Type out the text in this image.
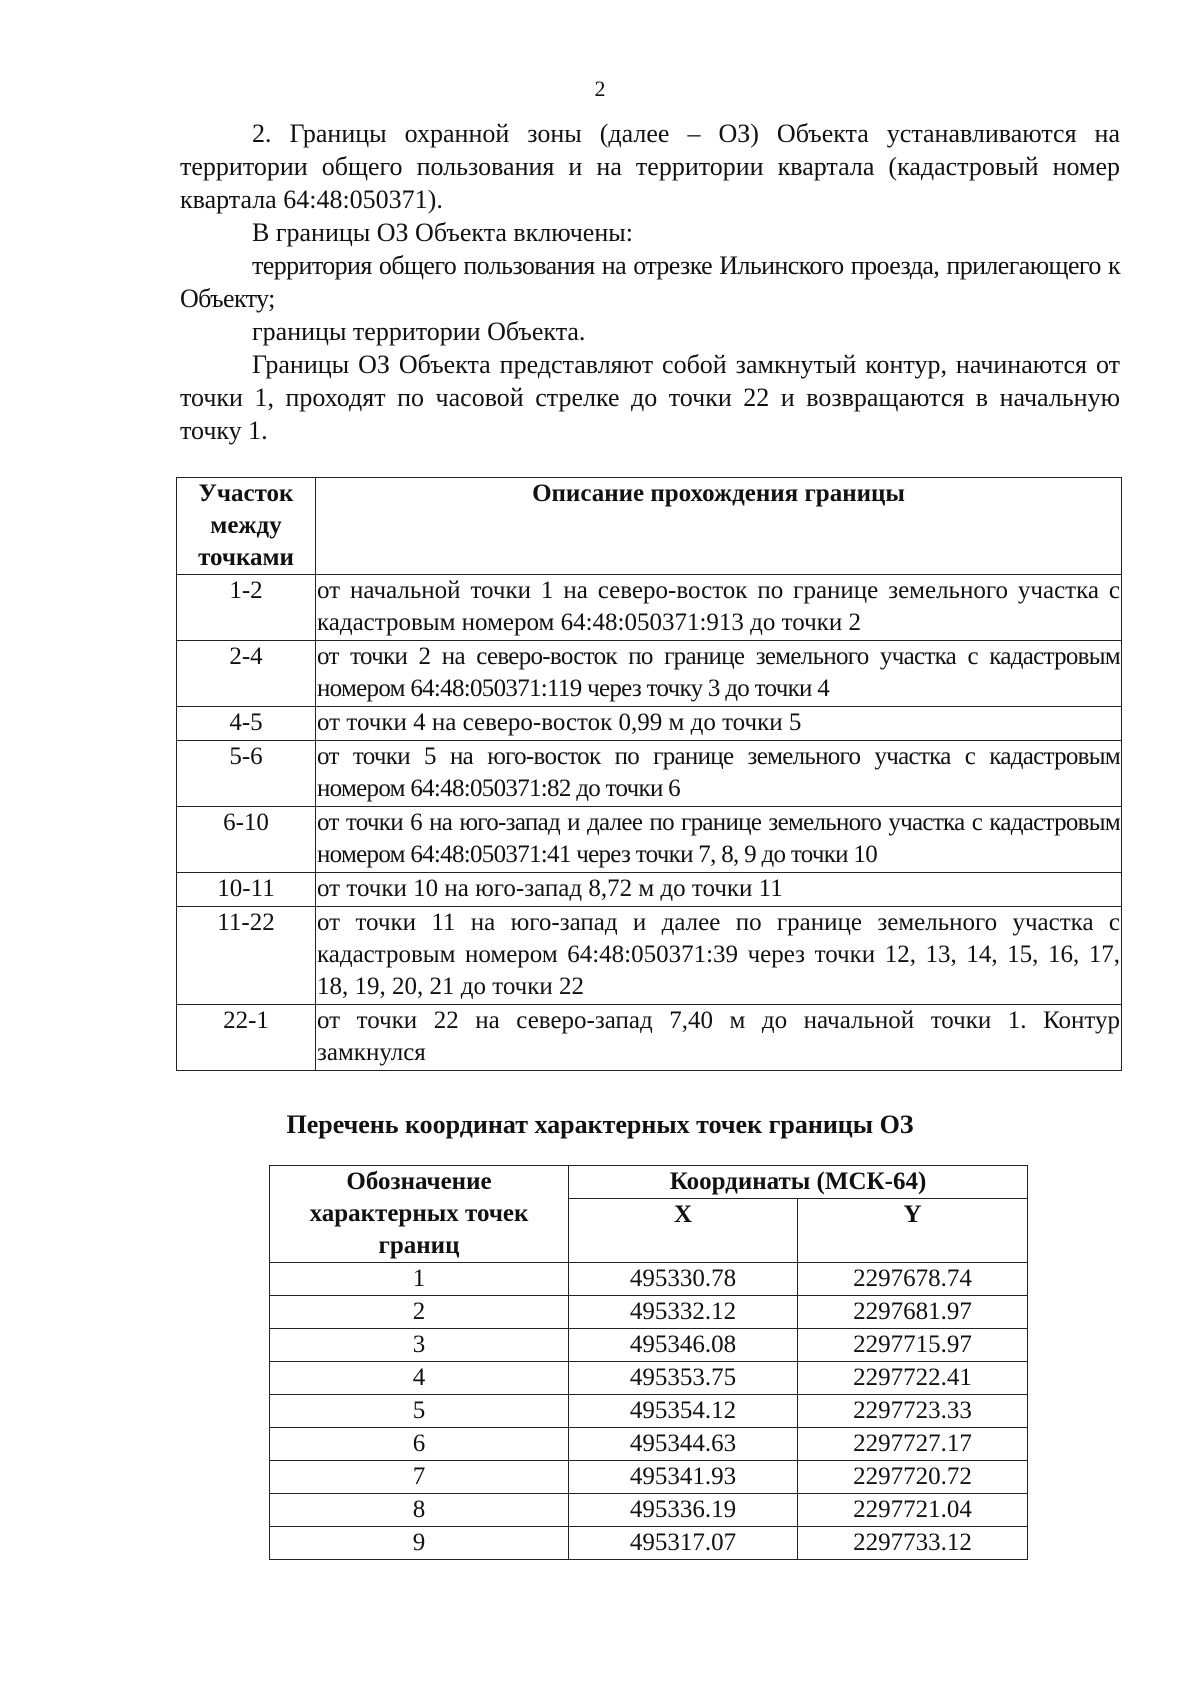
2

2. Границы охранной зоны (далее – ОЗ) Объекта устанавливаются на территории общего пользования и на территории квартала (кадастровый номер квартала 64:48:050371).

В границы ОЗ Объекта включены:

территория общего пользования на отрезке Ильинского проезда, прилегающего к Объекту;

границы территории Объекта.

Границы ОЗ Объекта представляют собой замкнутый контур, начинаются от точки 1, проходят по часовой стрелке до точки 22 и возвращаются в начальную точку 1.

Участок между точками	Описание прохождения границы
1-2	от начальной точки 1 на северо-восток по границе земельного участка с кадастровым номером 64:48:050371:913 до точки 2
2-4	от точки 2 на северо-восток по границе земельного участка с кадастровым номером 64:48:050371:119 через точку 3 до точки 4
4-5	от точки 4 на северо-восток 0,99 м до точки 5
5-6	от точки 5 на юго-восток по границе земельного участка с кадастровым номером 64:48:050371:82 до точки 6
6-10	от точки 6 на юго-запад и далее по границе земельного участка с кадастровым номером 64:48:050371:41 через точки 7, 8, 9 до точки 10
10-11	от точки 10 на юго-запад 8,72 м до точки 11
11-22	от точки 11 на юго-запад и далее по границе земельного участка с кадастровым номером 64:48:050371:39 через точки 12, 13, 14, 15, 16, 17, 18, 19, 20, 21 до точки 22
22-1	от точки 22 на северо-запад 7,40 м до начальной точки 1. Контур замкнулся
Перечень координат характерных точек границы ОЗ
Обозначение характерных точек границ	Координаты (МСК-64)	
	X	Y
1	495330.78	2297678.74
2	495332.12	2297681.97
3	495346.08	2297715.97
4	495353.75	2297722.41
5	495354.12	2297723.33
6	495344.63	2297727.17
7	495341.93	2297720.72
8	495336.19	2297721.04
9	495317.07	2297733.12
